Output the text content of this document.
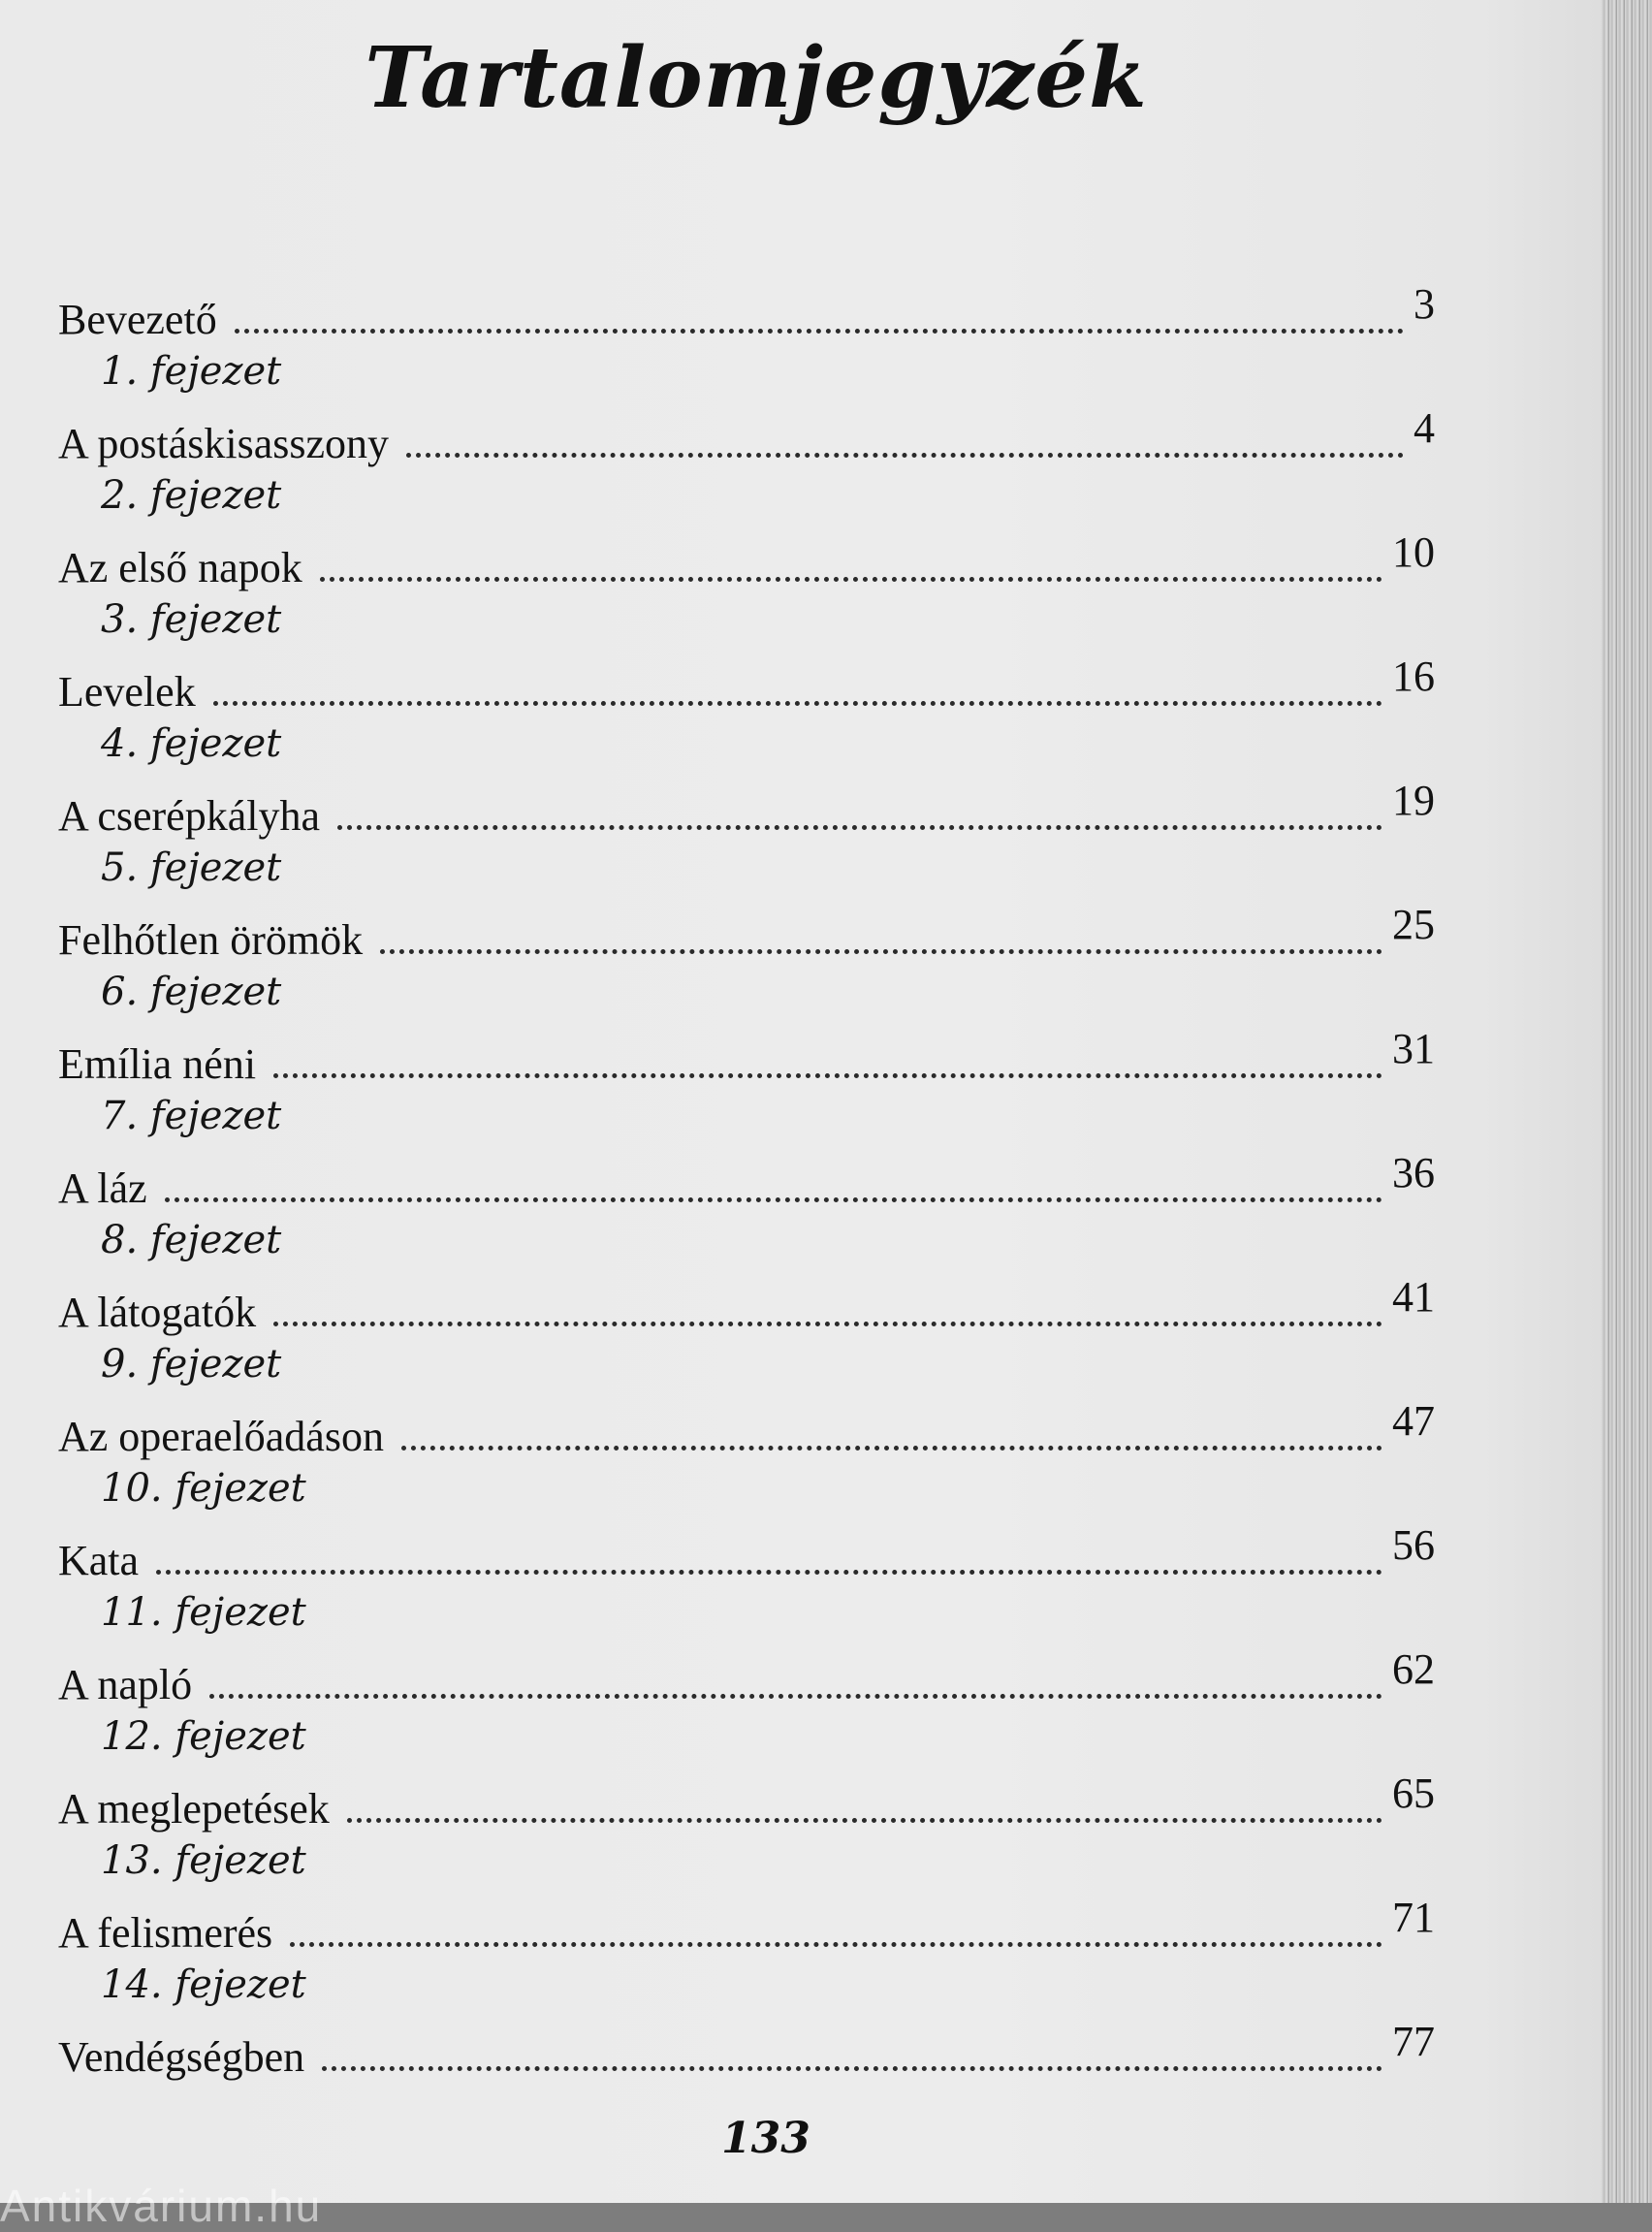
Tartalomjegyzék
Bevezető	3
1. fejezet
A postáskisasszony	4
2. fejezet
Az első napok	10
3. fejezet
Levelek	16
4. fejezet
A cserépkályha	19
5. fejezet
Felhőtlen örömök	25
6. fejezet
Emília néni	31
7. fejezet
A láz	36
8. fejezet
A látogatók	41
9. fejezet
Az operaelőadáson	47
10. fejezet
Kata	56
11. fejezet
A napló	62
12. fejezet
A meglepetések	65
13. fejezet
A felismerés	71
14. fejezet
Vendégségben	77
133
Antikvárium.hu
